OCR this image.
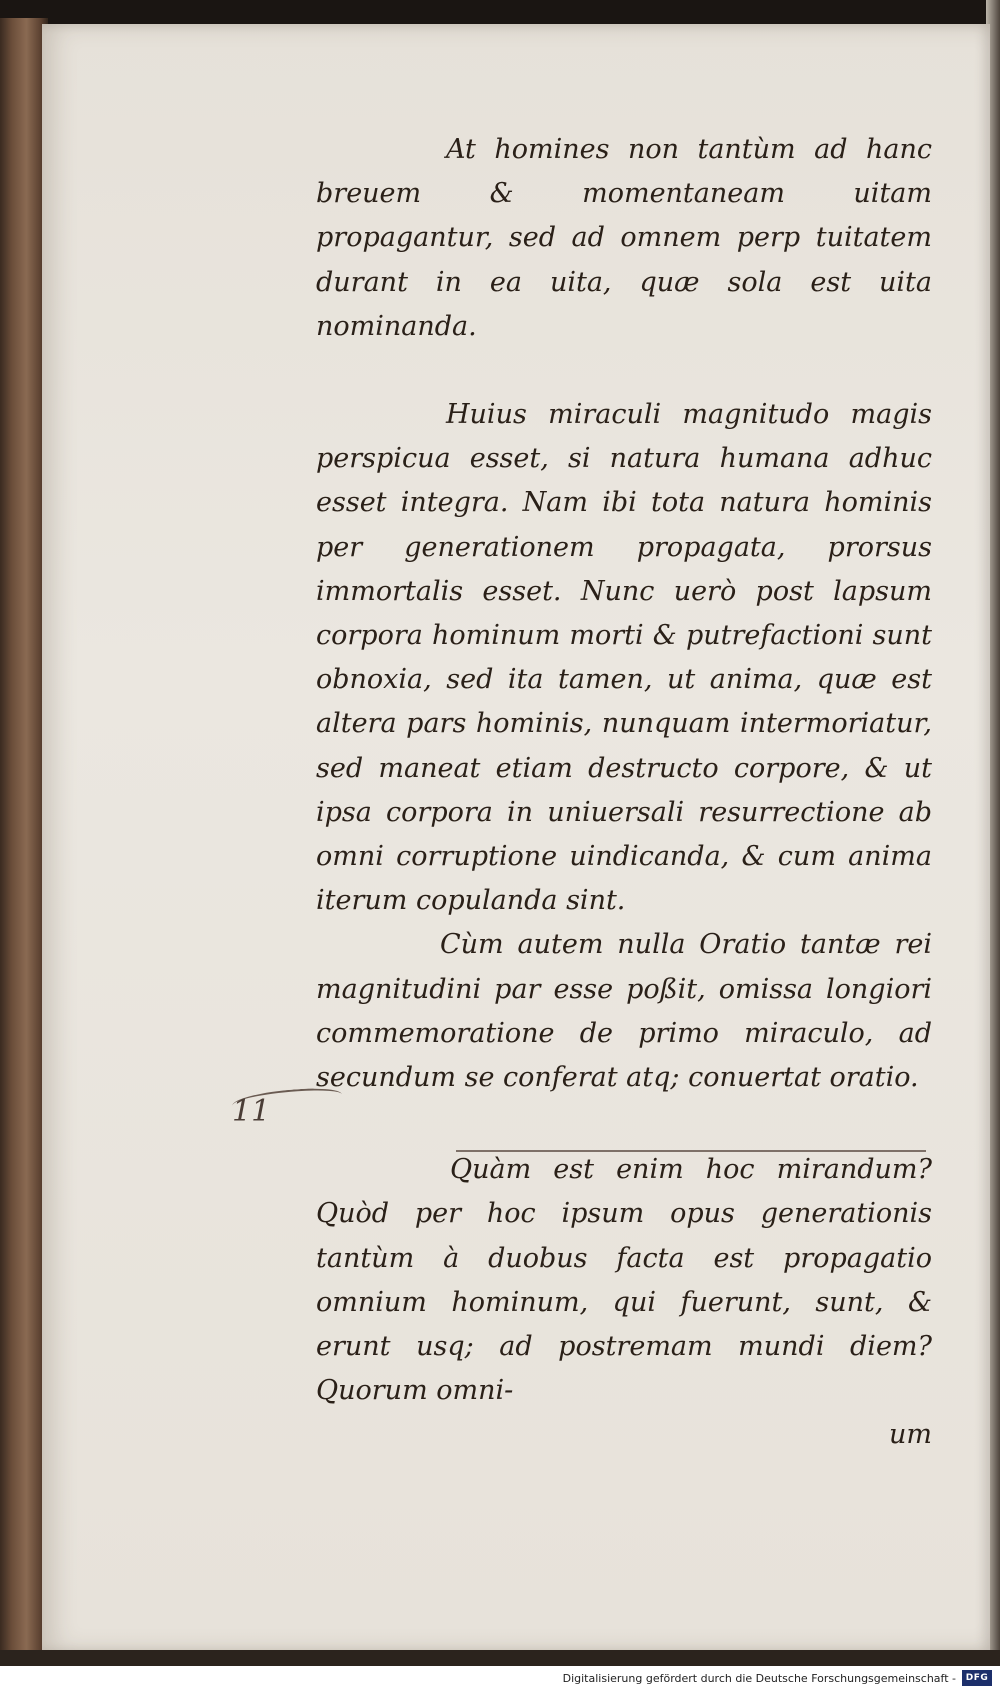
At homines non tantùm ad hanc breuem & momentaneam uitam propagantur, sed ad omnem perp tuitatem durant in ea uita, quæ sola est uita nominanda.

Huius miraculi magnitudo magis perspicua esset, si natura humana adhuc esset integra. Nam ibi tota natura hominis per generationem propagata, prorsus immortalis esset. Nunc uerò post lapsum corpora hominum morti & putrefactioni sunt obnoxia, sed ita tamen, ut anima, quæ est altera pars hominis, nunquam intermoriatur, sed maneat etiam destructo corpore, & ut ipsa corpora in uniuersali resurrectione ab omni corruptione uindicanda, & cum anima iterum copulanda sint.

Cùm autem nulla Oratio tantæ rei magnitudini par esse poßit, omissa longiori commemoratione de primo miraculo, ad secundum se conferat atq; conuertat oratio.

Quàm est enim hoc mirandum? Quòd per hoc ipsum opus generationis tantùm à duobus facta est propagatio omnium hominum, qui fuerunt, sunt, & erunt usq; ad postremam mundi diem? Quorum omni-

um
11
Digitalisierung gefördert durch die Deutsche Forschungsgemeinschaft -	DFG
